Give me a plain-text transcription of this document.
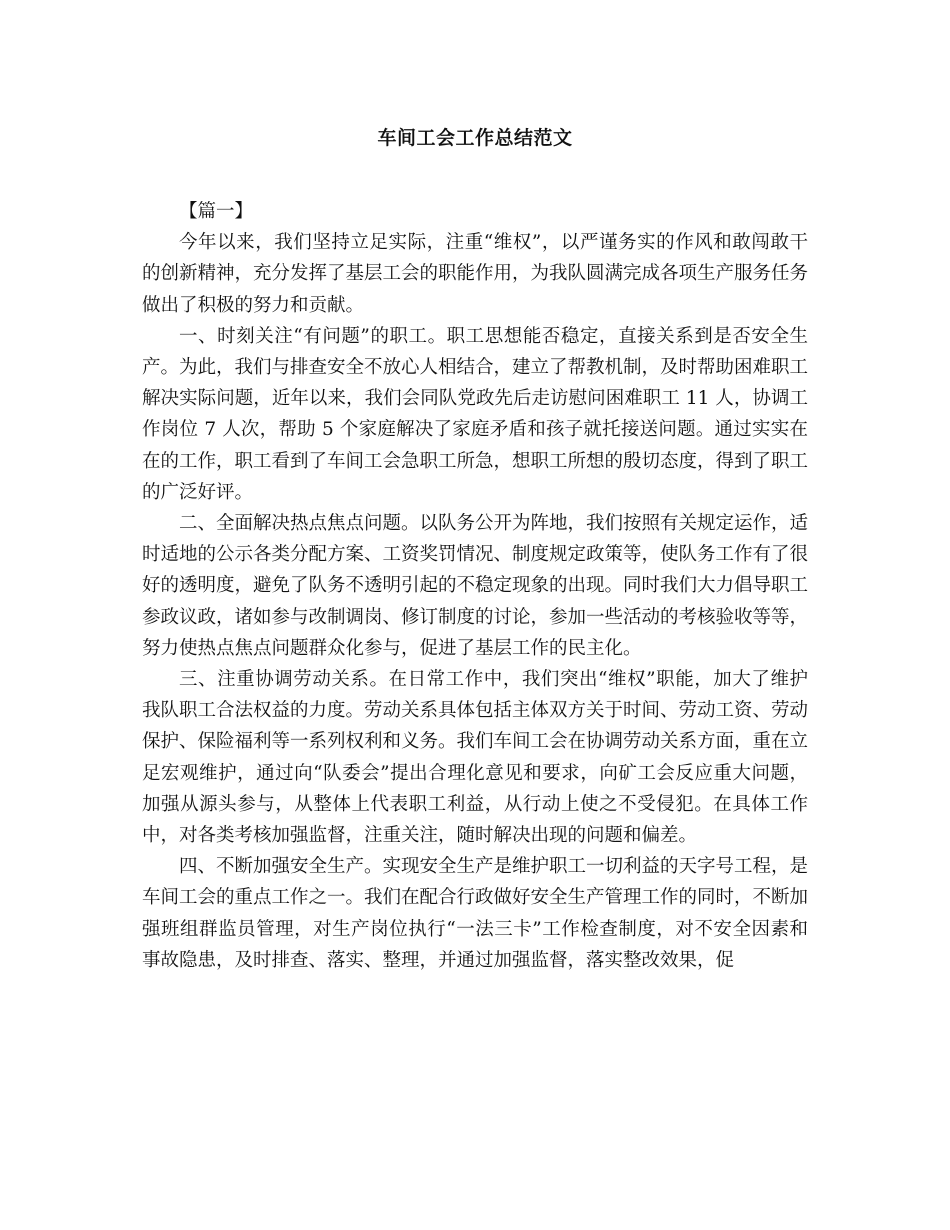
车间工会工作总结范文

【篇一】

今年以来，我们坚持立足实际，注重“维权”，以严谨务实的作风和敢闯敢干的创新精神，充分发挥了基层工会的职能作用，为我队圆满完成各项生产服务任务做出了积极的努力和贡献。

一、时刻关注“有问题”的职工。职工思想能否稳定，直接关系到是否安全生产。为此，我们与排查安全不放心人相结合，建立了帮教机制，及时帮助困难职工解决实际问题，近年以来，我们会同队党政先后走访慰问困难职工 11 人，协调工作岗位 7 人次，帮助 5 个家庭解决了家庭矛盾和孩子就托接送问题。通过实实在在的工作，职工看到了车间工会急职工所急，想职工所想的殷切态度，得到了职工的广泛好评。

二、全面解决热点焦点问题。以队务公开为阵地，我们按照有关规定运作，适时适地的公示各类分配方案、工资奖罚情况、制度规定政策等，使队务工作有了很好的透明度，避免了队务不透明引起的不稳定现象的出现。同时我们大力倡导职工参政议政，诸如参与改制调岗、修订制度的讨论，参加一些活动的考核验收等等，努力使热点焦点问题群众化参与，促进了基层工作的民主化。

三、注重协调劳动关系。在日常工作中，我们突出“维权”职能，加大了维护我队职工合法权益的力度。劳动关系具体包括主体双方关于时间、劳动工资、劳动保护、保险福利等一系列权利和义务。我们车间工会在协调劳动关系方面，重在立足宏观维护，通过向“队委会”提出合理化意见和要求，向矿工会反应重大问题，加强从源头参与，从整体上代表职工利益，从行动上使之不受侵犯。在具体工作中，对各类考核加强监督，注重关注，随时解决出现的问题和偏差。

四、不断加强安全生产。实现安全生产是维护职工一切利益的天字号工程，是车间工会的重点工作之一。我们在配合行政做好安全生产管理工作的同时，不断加强班组群监员管理，对生产岗位执行“一法三卡”工作检查制度，对不安全因素和事故隐患，及时排查、落实、整理，并通过加强监督，落实整改效果，促
